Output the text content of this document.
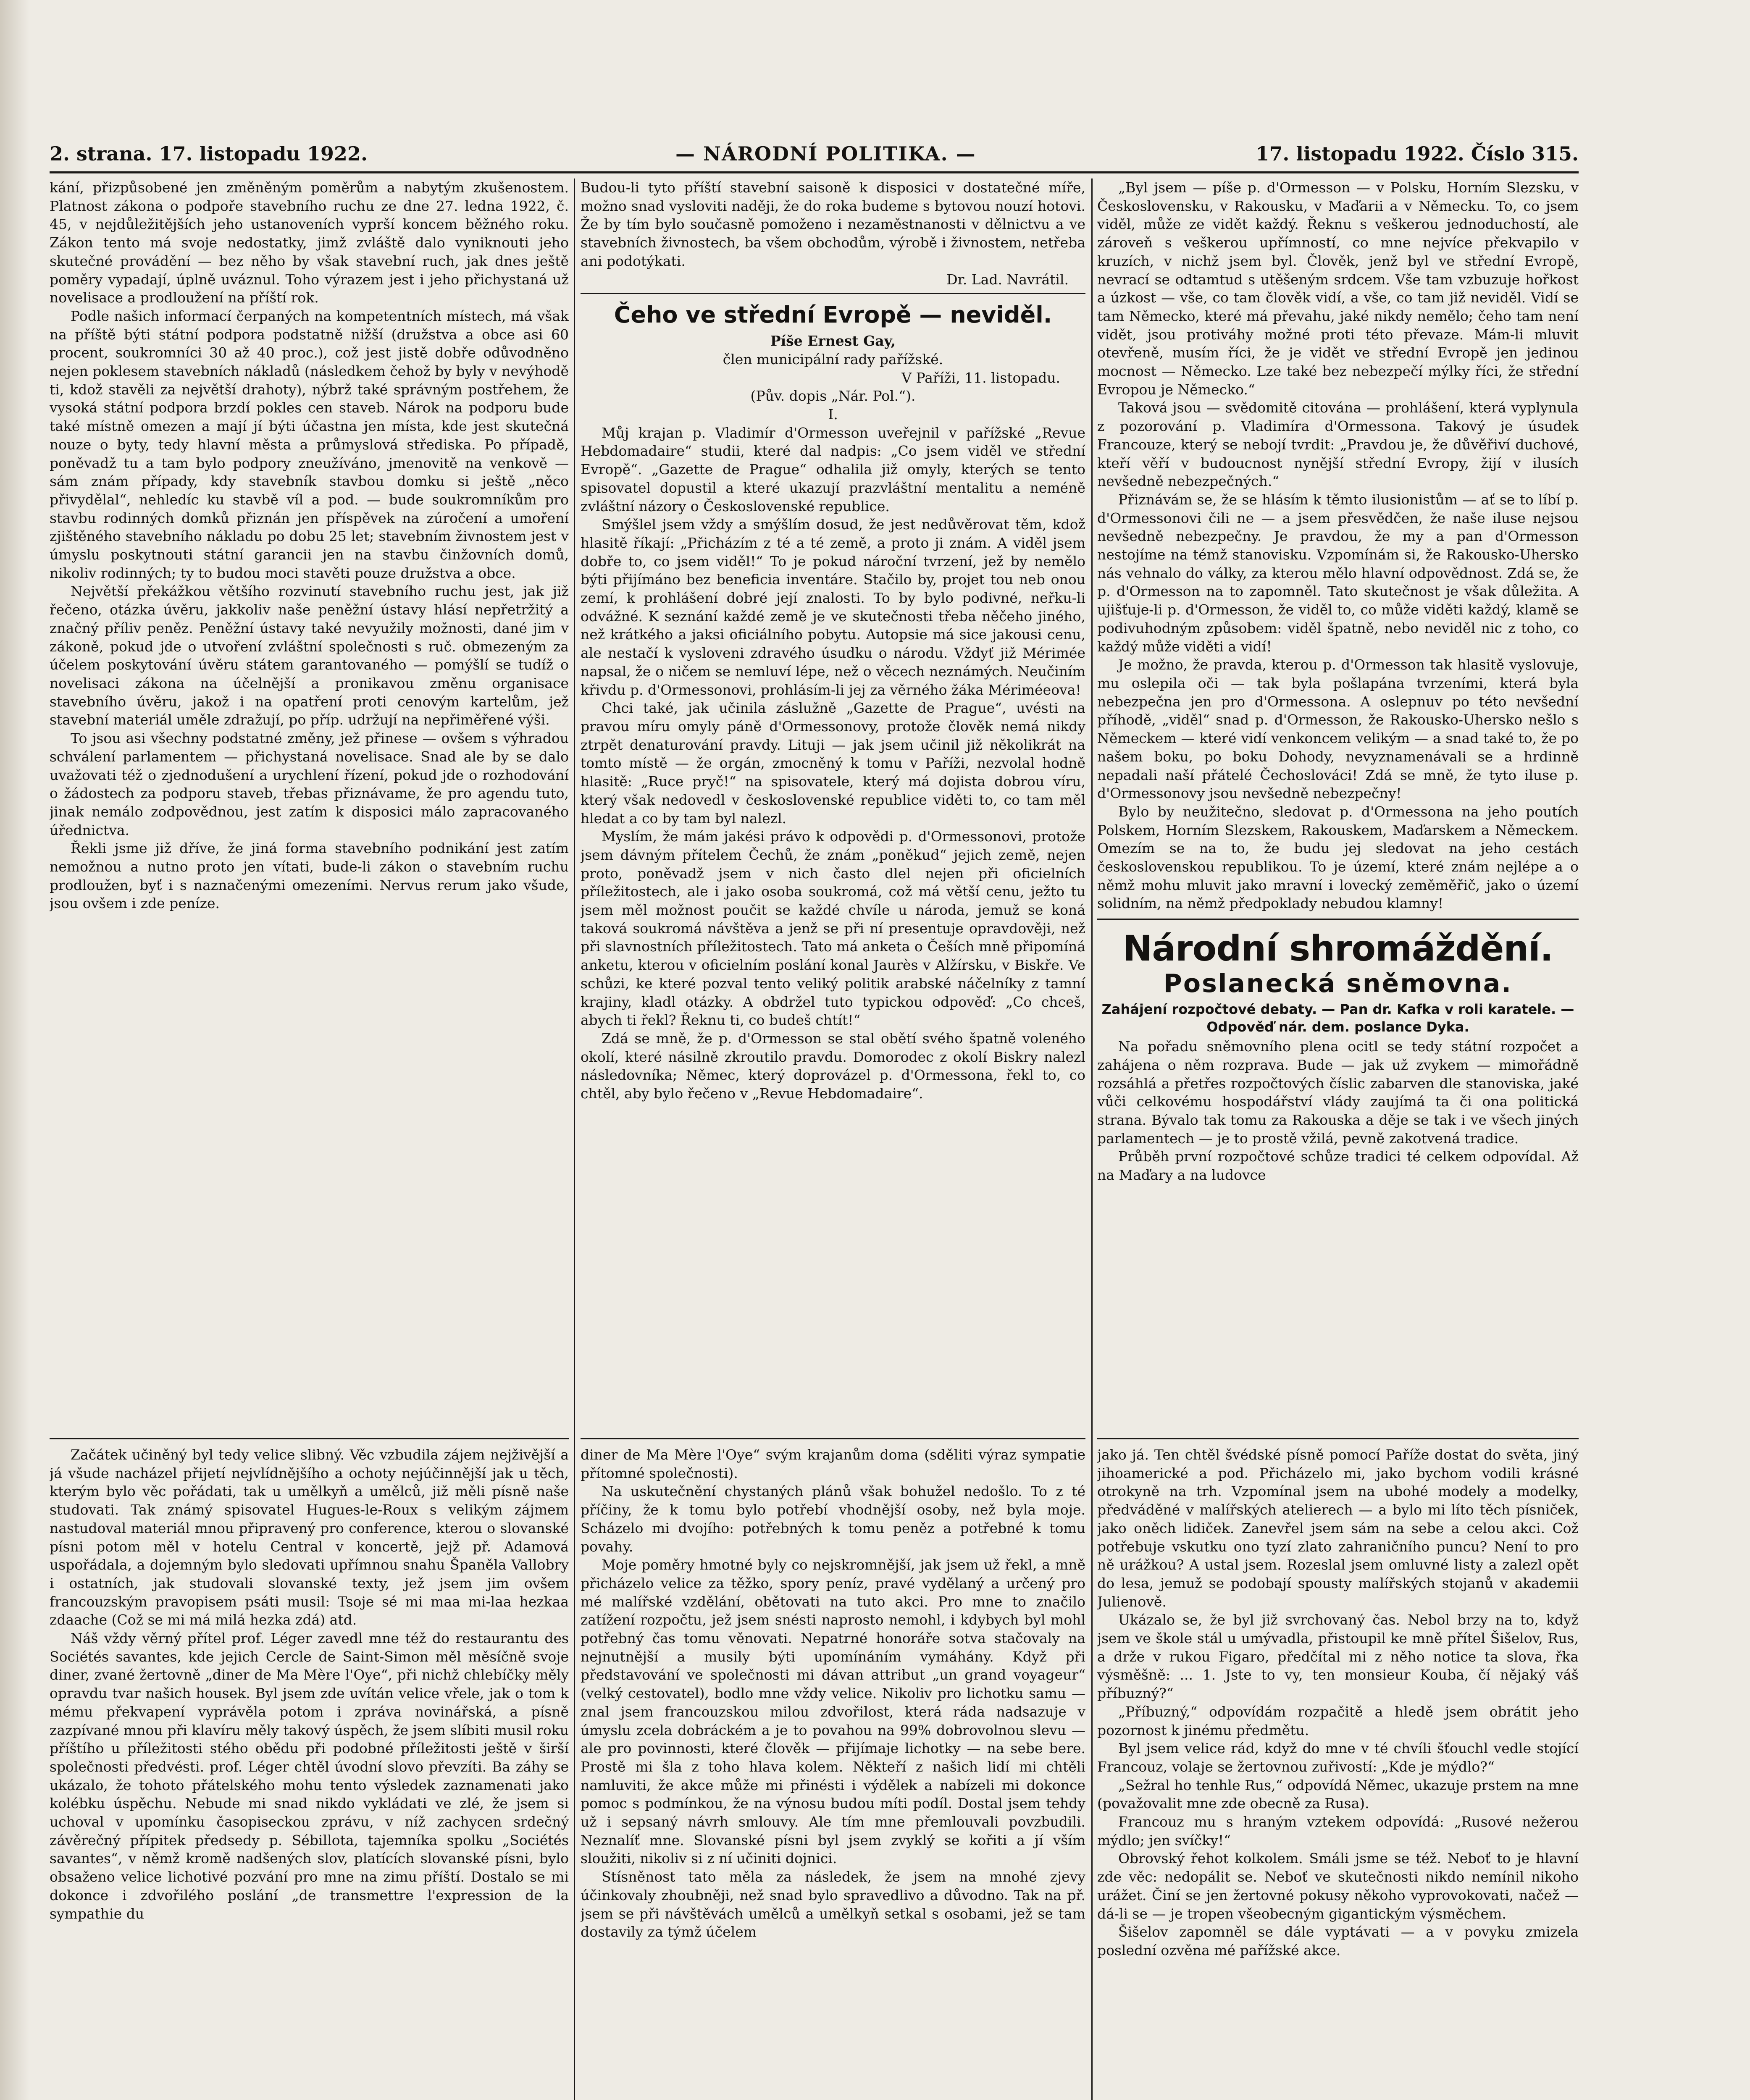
2. strana. 17. listopadu 1922.	— NÁRODNÍ POLITIKA. —	17. listopadu 1922. Číslo 315.

kání, přizpůsobené jen změněným poměrům a nabytým zkušenostem. Platnost zákona o podpoře stavebního ruchu ze dne 27. ledna 1922, č. 45, v nejdůležitějších jeho ustanoveních vyprší koncem běžného roku. Zákon tento má svoje nedostatky, jimž zvláště dalo vyniknouti jeho skutečné provádění — bez něho by však stavební ruch, jak dnes ještě poměry vypadají, úplně uváznul. Toho výrazem jest i jeho přichystaná už novelisace a prodloužení na příští rok.

Podle našich informací čerpaných na kompetentních místech, má však na příště býti státní podpora podstatně nižší (družstva a obce asi 60 procent, soukromníci 30 až 40 proc.), což jest jistě dobře odůvodněno nejen poklesem stavebních nákladů (následkem čehož by byly v nevýhodě ti, kdož stavěli za největší drahoty), nýbrž také správným postřehem, že vysoká státní podpora brzdí pokles cen staveb. Nárok na podporu bude také místně omezen a mají jí býti účastna jen místa, kde jest skutečná nouze o byty, tedy hlavní města a průmyslová střediska. Po případě, poněvadž tu a tam bylo podpory zneužíváno, jmenovitě na venkově — sám znám případy, kdy stavebník stavbou domku si ještě „něco přivydělal“, nehledíc ku stavbě víl a pod. — bude soukromníkům pro stavbu rodinných domků přiznán jen příspěvek na zúročení a umoření zjištěného stavebního nákladu po dobu 25 let; stavebním živnostem jest v úmyslu poskytnouti státní garancii jen na stavbu činžovních domů, nikoliv rodinných; ty to budou moci stavěti pouze družstva a obce.

Největší překážkou většího rozvinutí stavebního ruchu jest, jak již řečeno, otázka úvěru, jakkoliv naše peněžní ústavy hlásí nepřetržitý a značný příliv peněz. Peněžní ústavy také nevyužily možnosti, dané jim v zákoně, pokud jde o utvoření zvláštní společnosti s ruč. obmezeným za účelem poskytování úvěru státem garantovaného — pomýšlí se tudíž o novelisaci zákona na účelnější a pronikavou změnu organisace stavebního úvěru, jakož i na opatření proti cenovým kartelům, jež stavební materiál uměle zdražují, po příp. udržují na nepřiměřené výši.

To jsou asi všechny podstatné změny, jež přinese — ovšem s výhradou schválení parlamentem — přichystaná novelisace. Snad ale by se dalo uvažovati též o zjednodušení a urychlení řízení, pokud jde o rozhodování o žádostech za podporu staveb, třebas přiznávame, že pro agendu tuto, jinak nemálo zodpovědnou, jest zatím k disposici málo zapracovaného úřednictva.

Řekli jsme již dříve, že jiná forma stavebního podnikání jest zatím nemožnou a nutno proto jen vítati, bude-li zákon o stavebním ruchu prodloužen, byť i s naznačenými omezeními. Nervus rerum jako všude, jsou ovšem i zde peníze.

Budou-li tyto příští stavební saisoně k disposici v dostatečné míře, možno snad vysloviti naději, že do roka budeme s bytovou nouzí hotovi. Že by tím bylo současně pomoženo i nezaměstnanosti v dělnictvu a ve stavebních živnostech, ba všem obchodům, výrobě i živnostem, netřeba ani podotýkati.

Dr. Lad. Navrátil.
Čeho ve střední Evropě — neviděl.
Píše Ernest Gay,
člen municipální rady pařížské.
V Paříži, 11. listopadu.
(Pův. dopis „Nár. Pol.“).
I.

Můj krajan p. Vladimír d'Ormesson uveřejnil v pařížské „Revue Hebdomadaire“ studii, které dal nadpis: „Co jsem viděl ve střední Evropě“. „Gazette de Prague“ odhalila již omyly, kterých se tento spisovatel dopustil a které ukazují prazvláštní mentalitu a neméně zvláštní názory o Československé republice.

Smýšlel jsem vždy a smýšlím dosud, že jest nedůvěrovat těm, kdož hlasitě říkají: „Přicházím z té a té země, a proto ji znám. A viděl jsem dobře to, co jsem viděl!“ To je pokud nároční tvrzení, jež by nemělo býti přijímáno bez beneficia inventáre. Stačilo by, projet tou neb onou zemí, k prohlášení dobré její znalosti. To by bylo podivné, neřku-li odvážné. K seznání každé země je ve skutečnosti třeba něčeho jiného, než krátkého a jaksi oficiálního pobytu. Autopsie má sice jakousi cenu, ale nestačí k vysloveni zdravého úsudku o národu. Vždyť již Mérimée napsal, že o ničem se nemluví lépe, než o věcech neznámých. Neučiním křivdu p. d'Ormessonovi, prohlásím-li jej za věrného žáka Mériméeova!

Chci také, jak učinila záslužně „Gazette de Prague“, uvésti na pravou míru omyly páně d'Ormessonovy, protože člověk nemá nikdy ztrpět denaturování pravdy. Lituji — jak jsem učinil již několikrát na tomto místě — že orgán, zmocněný k tomu v Paříži, nezvolal hodně hlasitě: „Ruce pryč!“ na spisovatele, který má dojista dobrou víru, který však nedovedl v československé republice viděti to, co tam měl hledat a co by tam byl nalezl.

Myslím, že mám jakési právo k odpovědi p. d'Ormessonovi, protože jsem dávným přítelem Čechů, že znám „poněkud“ jejich země, nejen proto, poněvadž jsem v nich často dlel nejen při oficielních příležitostech, ale i jako osoba soukromá, což má větší cenu, ježto tu jsem měl možnost poučit se každé chvíle u národa, jemuž se koná taková soukromá návštěva a jenž se při ní presentuje opravdověji, než při slavnostních příležitostech. Tato má anketa o Češích mně připomíná anketu, kterou v oficielním poslání konal Jaurès v Alžírsku, v Biskře. Ve schůzi, ke které pozval tento veliký politik arabské náčelníky z tamní krajiny, kladl otázky. A obdržel tuto typickou odpověď: „Co chceš, abych ti řekl? Řeknu ti, co budeš chtít!“

Zdá se mně, že p. d'Ormesson se stal obětí svého špatně voleného okolí, které násilně zkroutilo pravdu. Domorodec z okolí Biskry nalezl následovníka; Němec, který doprovázel p. d'Ormessona, řekl to, co chtěl, aby bylo řečeno v „Revue Hebdomadaire“.

„Byl jsem — píše p. d'Ormesson — v Polsku, Horním Slezsku, v Československu, v Rakousku, v Maďarii a v Německu. To, co jsem viděl, může ze vidět každý. Řeknu s veškerou jednoduchostí, ale zároveň s veškerou upřímností, co mne nejvíce překvapilo v kruzích, v nichž jsem byl. Člověk, jenž byl ve střední Evropě, nevrací se odtamtud s utěšeným srdcem. Vše tam vzbuzuje hořkost a úzkost — vše, co tam člověk vidí, a vše, co tam již neviděl. Vidí se tam Německo, které má převahu, jaké nikdy nemělo; čeho tam není vidět, jsou protiváhy možné proti této převaze. Mám-li mluvit otevřeně, musím říci, že je vidět ve střední Evropě jen jedinou mocnost — Německo. Lze také bez nebezpečí mýlky říci, že střední Evropou je Německo.“

Taková jsou — svědomitě citována — prohlášení, která vyplynula z pozorování p. Vladimíra d'Ormessona. Takový je úsudek Francouze, který se nebojí tvrdit: „Pravdou je, že důvěřiví duchové, kteří věří v budoucnost nynější střední Evropy, žijí v ilusích nevšedně nebezpečných.“

Přiznávám se, že se hlásím k těmto ilusionistům — ať se to líbí p. d'Ormessonovi čili ne — a jsem přesvědčen, že naše iluse nejsou nevšedně nebezpečny. Je pravdou, že my a pan d'Ormesson nestojíme na témž stanovisku. Vzpomínám si, že Rakousko-Uhersko nás vehnalo do války, za kterou mělo hlavní odpovědnost. Zdá se, že p. d'Ormesson na to zapomněl. Tato skutečnost je však důležita. A ujišťuje-li p. d'Ormesson, že viděl to, co může viděti každý, klamě se podivuhodným způsobem: viděl špatně, nebo neviděl nic z toho, co každý může viděti a vidí!

Je možno, že pravda, kterou p. d'Ormesson tak hlasitě vyslovuje, mu oslepila oči — tak byla pošlapána tvrzeními, která byla nebezpečna jen pro d'Ormessona. A oslepnuv po této nevšední příhodě, „viděl“ snad p. d'Ormesson, že Rakousko-Uhersko nešlo s Německem — které vidí venkoncem velikým — a snad také to, že po našem boku, po boku Dohody, nevyznamenávali se a hrdinně nepadali naší přátelé Čechoslováci! Zdá se mně, že tyto iluse p. d'Ormessonovy jsou nevšedně nebezpečny!

Bylo by neužitečno, sledovat p. d'Ormessona na jeho poutích Polskem, Horním Slezskem, Rakouskem, Maďarskem a Německem. Omezím se na to, že budu jej sledovat na jeho cestách československou republikou. To je území, které znám nejlépe a o němž mohu mluvit jako mravní i lovecký zeměměřič, jako o území solidním, na němž předpoklady nebudou klamny!

Národní shromáždění.
Poslanecká sněmovna.
Zahájení rozpočtové debaty. — Pan dr. Kafka v roli karatele. — Odpověď nár. dem. poslance Dyka.

Na pořadu sněmovního plena ocitl se tedy státní rozpočet a zahájena o něm rozprava. Bude — jak už zvykem — mimořádně rozsáhlá a přetřes rozpočtových číslic zabarven dle stanoviska, jaké vůči celkovému hospodářství vlády zaujímá ta či ona politická strana. Bývalo tak tomu za Rakouska a děje se tak i ve všech jiných parlamentech — je to prostě vžilá, pevně zakotvená tradice.

Průběh první rozpočtové schůze tradici té celkem odpovídal. Až na Maďary a na ludovce

Začátek učiněný byl tedy velice slibný. Věc vzbudila zájem nejživější a já všude nacházel přijetí nejvlídnějšího a ochoty nejúčinnější jak u těch, kterým bylo věc pořádati, tak u umělkyň a umělců, již měli písně naše studovati. Tak známý spisovatel Hugues-le-Roux s velikým zájmem nastudoval materiál mnou připravený pro conference, kterou o slovanské písni potom měl v hotelu Central v koncertě, jejž př. Adamová uspořádala, a dojemným bylo sledovati upřímnou snahu Španěla Vallobry i ostatních, jak studovali slovanské texty, jež jsem jim ovšem francouzským pravopisem psáti musil: Tsoje sé mi maa mi-laa hezkaa zdaache (Což se mi má milá hezka zdá) atd.

Náš vždy věrný přítel prof. Léger zavedl mne též do restaurantu des Sociétés savantes, kde jejich Cercle de Saint-Simon měl měsíčně svoje diner, zvané žertovně „diner de Ma Mère l'Oye“, při nichž chlebíčky měly opravdu tvar našich housek. Byl jsem zde uvítán velice vřele, jak o tom k mému překvapení vyprávěla potom i zpráva novinářská, a písně zazpívané mnou při klavíru měly takový úspěch, že jsem slíbiti musil roku příštího u příležitosti stého obědu při podobné příležitosti ještě v širší společnosti předvésti. prof. Léger chtěl úvodní slovo převzíti. Ba záhy se ukázalo, že tohoto přátelského mohu tento výsledek zaznamenati jako kolébku úspěchu. Nebude mi snad nikdo vykládati ve zlé, že jsem si uchoval v upomínku časopiseckou zprávu, v níž zachycen srdečný závěrečný přípitek předsedy p. Sébillota, tajemníka spolku „Sociétés savantes“, v němž kromě nadšených slov, platících slovanské písni, bylo obsaženo velice lichotivé pozvání pro mne na zimu příští. Dostalo se mi dokonce i zdvořilého poslání „de transmettre l'expression de la sympathie du

diner de Ma Mère l'Oye“ svým krajanům doma (sděliti výraz sympatie přítomné společnosti).

Na uskutečnění chystaných plánů však bohužel nedošlo. To z té příčiny, že k tomu bylo potřebí vhodnější osoby, než byla moje. Scházelo mi dvojího: potřebných k tomu peněz a potřebné k tomu povahy.

Moje poměry hmotné byly co nejskromnější, jak jsem už řekl, a mně přicházelo velice za těžko, spory peníz, pravé vydělaný a určený pro mé malířské vzdělání, obětovati na tuto akci. Pro mne to značilo zatížení rozpočtu, jež jsem snésti naprosto nemohl, i kdybych byl mohl potřebný čas tomu věnovati. Nepatrné honoráře sotva stačovaly na nejnutnější a musily býti upomínáním vymáhány. Když při představování ve společnosti mi dávan attribut „un grand voyageur“ (velký cestovatel), bodlo mne vždy velice. Nikoliv pro lichotku samu — znal jsem francouzskou milou zdvořilost, která ráda nadsazuje v úmyslu zcela dobráckém a je to povahou na 99% dobrovolnou slevu — ale pro povinnosti, které člověk — přijímaje lichotky — na sebe bere. Prostě mi šla z toho hlava kolem. Někteří z našich lidí mi chtěli namluviti, že akce může mi přinésti i výdělek a nabízeli mi dokonce pomoc s podmínkou, že na výnosu budou míti podíl. Dostal jsem tehdy už i sepsaný návrh smlouvy. Ale tím mne přemlouvali povzbudili. Neznalíť mne. Slovanské písni byl jsem zvyklý se kořiti a jí vším sloužiti, nikoliv si z ní učiniti dojnici.

Stísněnost tato měla za následek, že jsem na mnohé zjevy účinkovaly zhoubněji, než snad bylo spravedlivo a důvodno. Tak na př. jsem se při návštěvách umělců a umělkyň setkal s osobami, jež se tam dostavily za týmž účelem

jako já. Ten chtěl švédské písně pomocí Paříže dostat do světa, jiný jihoamerické a pod. Přicházelo mi, jako bychom vodili krásné otrokyně na trh. Vzpomínal jsem na ubohé modely a modelky, předváděné v malířských atelierech — a bylo mi líto těch písniček, jako oněch lidiček. Zanevřel jsem sám na sebe a celou akci. Což potřebuje vskutku ono tyzí zlato zahraničního puncu? Není to pro ně urážkou? A ustal jsem. Rozeslal jsem omluvné listy a zalezl opět do lesa, jemuž se podobají spousty malířských stojanů v akademii Julienově.

Ukázalo se, že byl již svrchovaný čas. Nebol brzy na to, když jsem ve škole stál u umývadla, přistoupil ke mně přítel Šišelov, Rus, a drže v rukou Figaro, předčítal mi z něho notice ta slova, řka výsměšně: ... 1. Jste to vy, ten monsieur Kouba, čí nějaký váš příbuzný?“

„Příbuzný,“ odpovídám rozpačitě a hledě jsem obrátit jeho pozornost k jinému předmětu.

Byl jsem velice rád, když do mne v té chvíli šťouchl vedle stojící Francouz, volaje se žertovnou zuřivostí: „Kde je mýdlo?“

„Sežral ho tenhle Rus,“ odpovídá Němec, ukazuje prstem na mne (považovalit mne zde obecně za Rusa).

Francouz mu s hraným vztekem odpovídá: „Rusové nežerou mýdlo; jen svíčky!“

Obrovský řehot kolkolem. Smáli jsme se též. Neboť to je hlavní zde věc: nedopálit se. Neboť ve skutečnosti nikdo nemínil nikoho urážet. Činí se jen žertovné pokusy někoho vyprovokovati, načež — dá-li se — je tropen všeobecným gigantickým výsměchem.

Šišelov zapomněl se dále vyptávati — a v povyku zmizela poslední ozvěna mé pařížské akce.
